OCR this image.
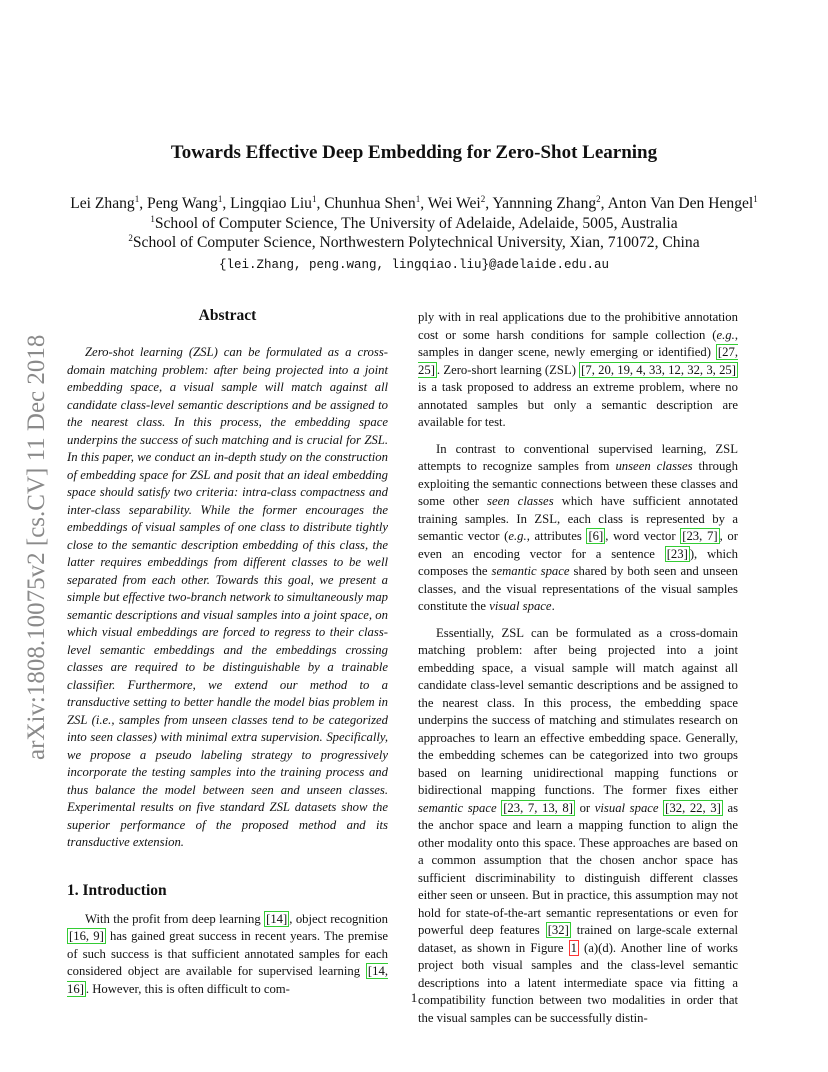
arXiv:1808.10075v2 [cs.CV] 11 Dec 2018
Towards Effective Deep Embedding for Zero-Shot Learning
Lei Zhang$^1$, Peng Wang$^1$, Lingqiao Liu$^1$, Chunhua Shen$^1$, Wei Wei$^2$, Yannning Zhang$^2$, Anton Van Den Hengel$^1$
$^1$School of Computer Science, The University of Adelaide, Adelaide, 5005, Australia
$^2$School of Computer Science, Northwestern Polytechnical University, Xian, 710072, China
{lei.Zhang, peng.wang, lingqiao.liu}@adelaide.edu.au
Abstract

Zero-shot learning (ZSL) can be formulated as a cross-domain matching problem: after being projected into a joint embedding space, a visual sample will match against all candidate class-level semantic descriptions and be assigned to the nearest class. In this process, the embedding space underpins the success of such matching and is crucial for ZSL. In this paper, we conduct an in-depth study on the construction of embedding space for ZSL and posit that an ideal embedding space should satisfy two criteria: intra-class compactness and inter-class separability. While the former encourages the embeddings of visual samples of one class to distribute tightly close to the semantic description embedding of this class, the latter requires embeddings from different classes to be well separated from each other. Towards this goal, we present a simple but effective two-branch network to simultaneously map semantic descriptions and visual samples into a joint space, on which visual embeddings are forced to regress to their class-level semantic embeddings and the embeddings crossing classes are required to be distinguishable by a trainable classifier. Furthermore, we extend our method to a transductive setting to better handle the model bias problem in ZSL (i.e., samples from unseen classes tend to be categorized into seen classes) with minimal extra supervision. Specifically, we propose a pseudo labeling strategy to progressively incorporate the testing samples into the training process and thus balance the model between seen and unseen classes. Experimental results on five standard ZSL datasets show the superior performance of the proposed method and its transductive extension.

1. Introduction

With the profit from deep learning [14] , object recognition [16, 9] has gained great success in recent years. The premise of such success is that sufficient annotated samples for each considered object are available for supervised learning [14, 16] . However, this is often difficult to com-

ply with in real applications due to the prohibitive annotation cost or some harsh conditions for sample collection (e.g., samples in danger scene, newly emerging or identified) [27, 25] . Zero-short learning (ZSL) [7, 20, 19, 4, 33, 12, 32, 3, 25] is a task proposed to address an extreme problem, where no annotated samples but only a semantic description are available for test.

In contrast to conventional supervised learning, ZSL attempts to recognize samples from unseen classes through exploiting the semantic connections between these classes and some other seen classes which have sufficient annotated training samples. In ZSL, each class is represented by a semantic vector (e.g., attributes [6] , word vector [23, 7] , or even an encoding vector for a sentence [23] ), which composes the semantic space shared by both seen and unseen classes, and the visual representations of the visual samples constitute the visual space.

Essentially, ZSL can be formulated as a cross-domain matching problem: after being projected into a joint embedding space, a visual sample will match against all candidate class-level semantic descriptions and be assigned to the nearest class. In this process, the embedding space underpins the success of matching and stimulates research on approaches to learn an effective embedding space. Generally, the embedding schemes can be categorized into two groups based on learning unidirectional mapping functions or bidirectional mapping functions. The former fixes either semantic space [23, 7, 13, 8] or visual space [32, 22, 3] as the anchor space and learn a mapping function to align the other modality onto this space. These approaches are based on a common assumption that the chosen anchor space has sufficient discriminability to distinguish different classes either seen or unseen. But in practice, this assumption may not hold for state-of-the-art semantic representations or even for powerful deep features [32] trained on large-scale external dataset, as shown in Figure 1 (a)(d). Another line of works project both visual samples and the class-level semantic descriptions into a latent intermediate space via fitting a compatibility function between two modalities in order that the visual samples can be successfully distin-

1
